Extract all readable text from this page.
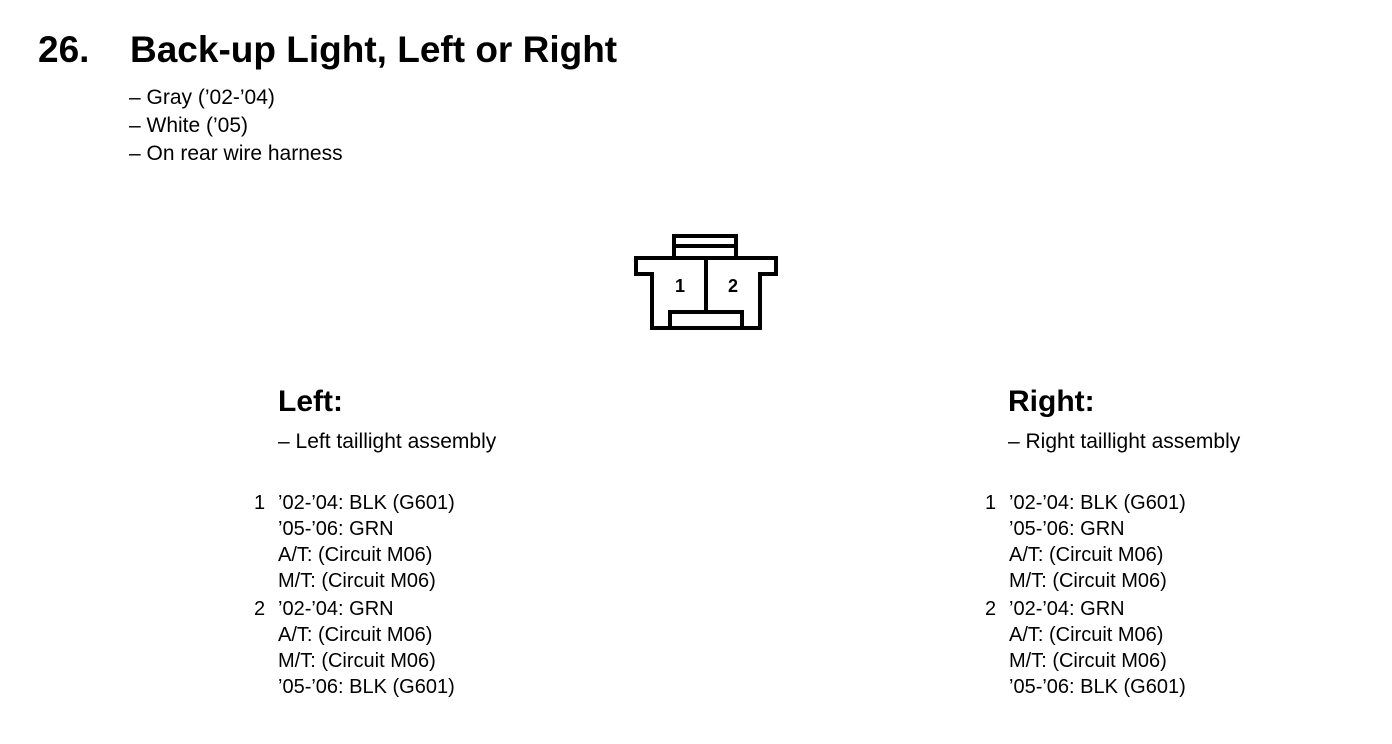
26. Back-up Light, Left or Right
– Gray (’02-’04)
– White (’05)
– On rear wire harness
1 2
Left:
– Left taillight assembly
1 ’02-’04: BLK (G601)
’05-’06: GRN
A/T: (Circuit M06)
M/T: (Circuit M06)
2 ’02-’04: GRN
A/T: (Circuit M06)
M/T: (Circuit M06)
’05-’06: BLK (G601)
Right:
– Right taillight assembly
1 ’02-’04: BLK (G601)
’05-’06: GRN
A/T: (Circuit M06)
M/T: (Circuit M06)
2 ’02-’04: GRN
A/T: (Circuit M06)
M/T: (Circuit M06)
’05-’06: BLK (G601)
